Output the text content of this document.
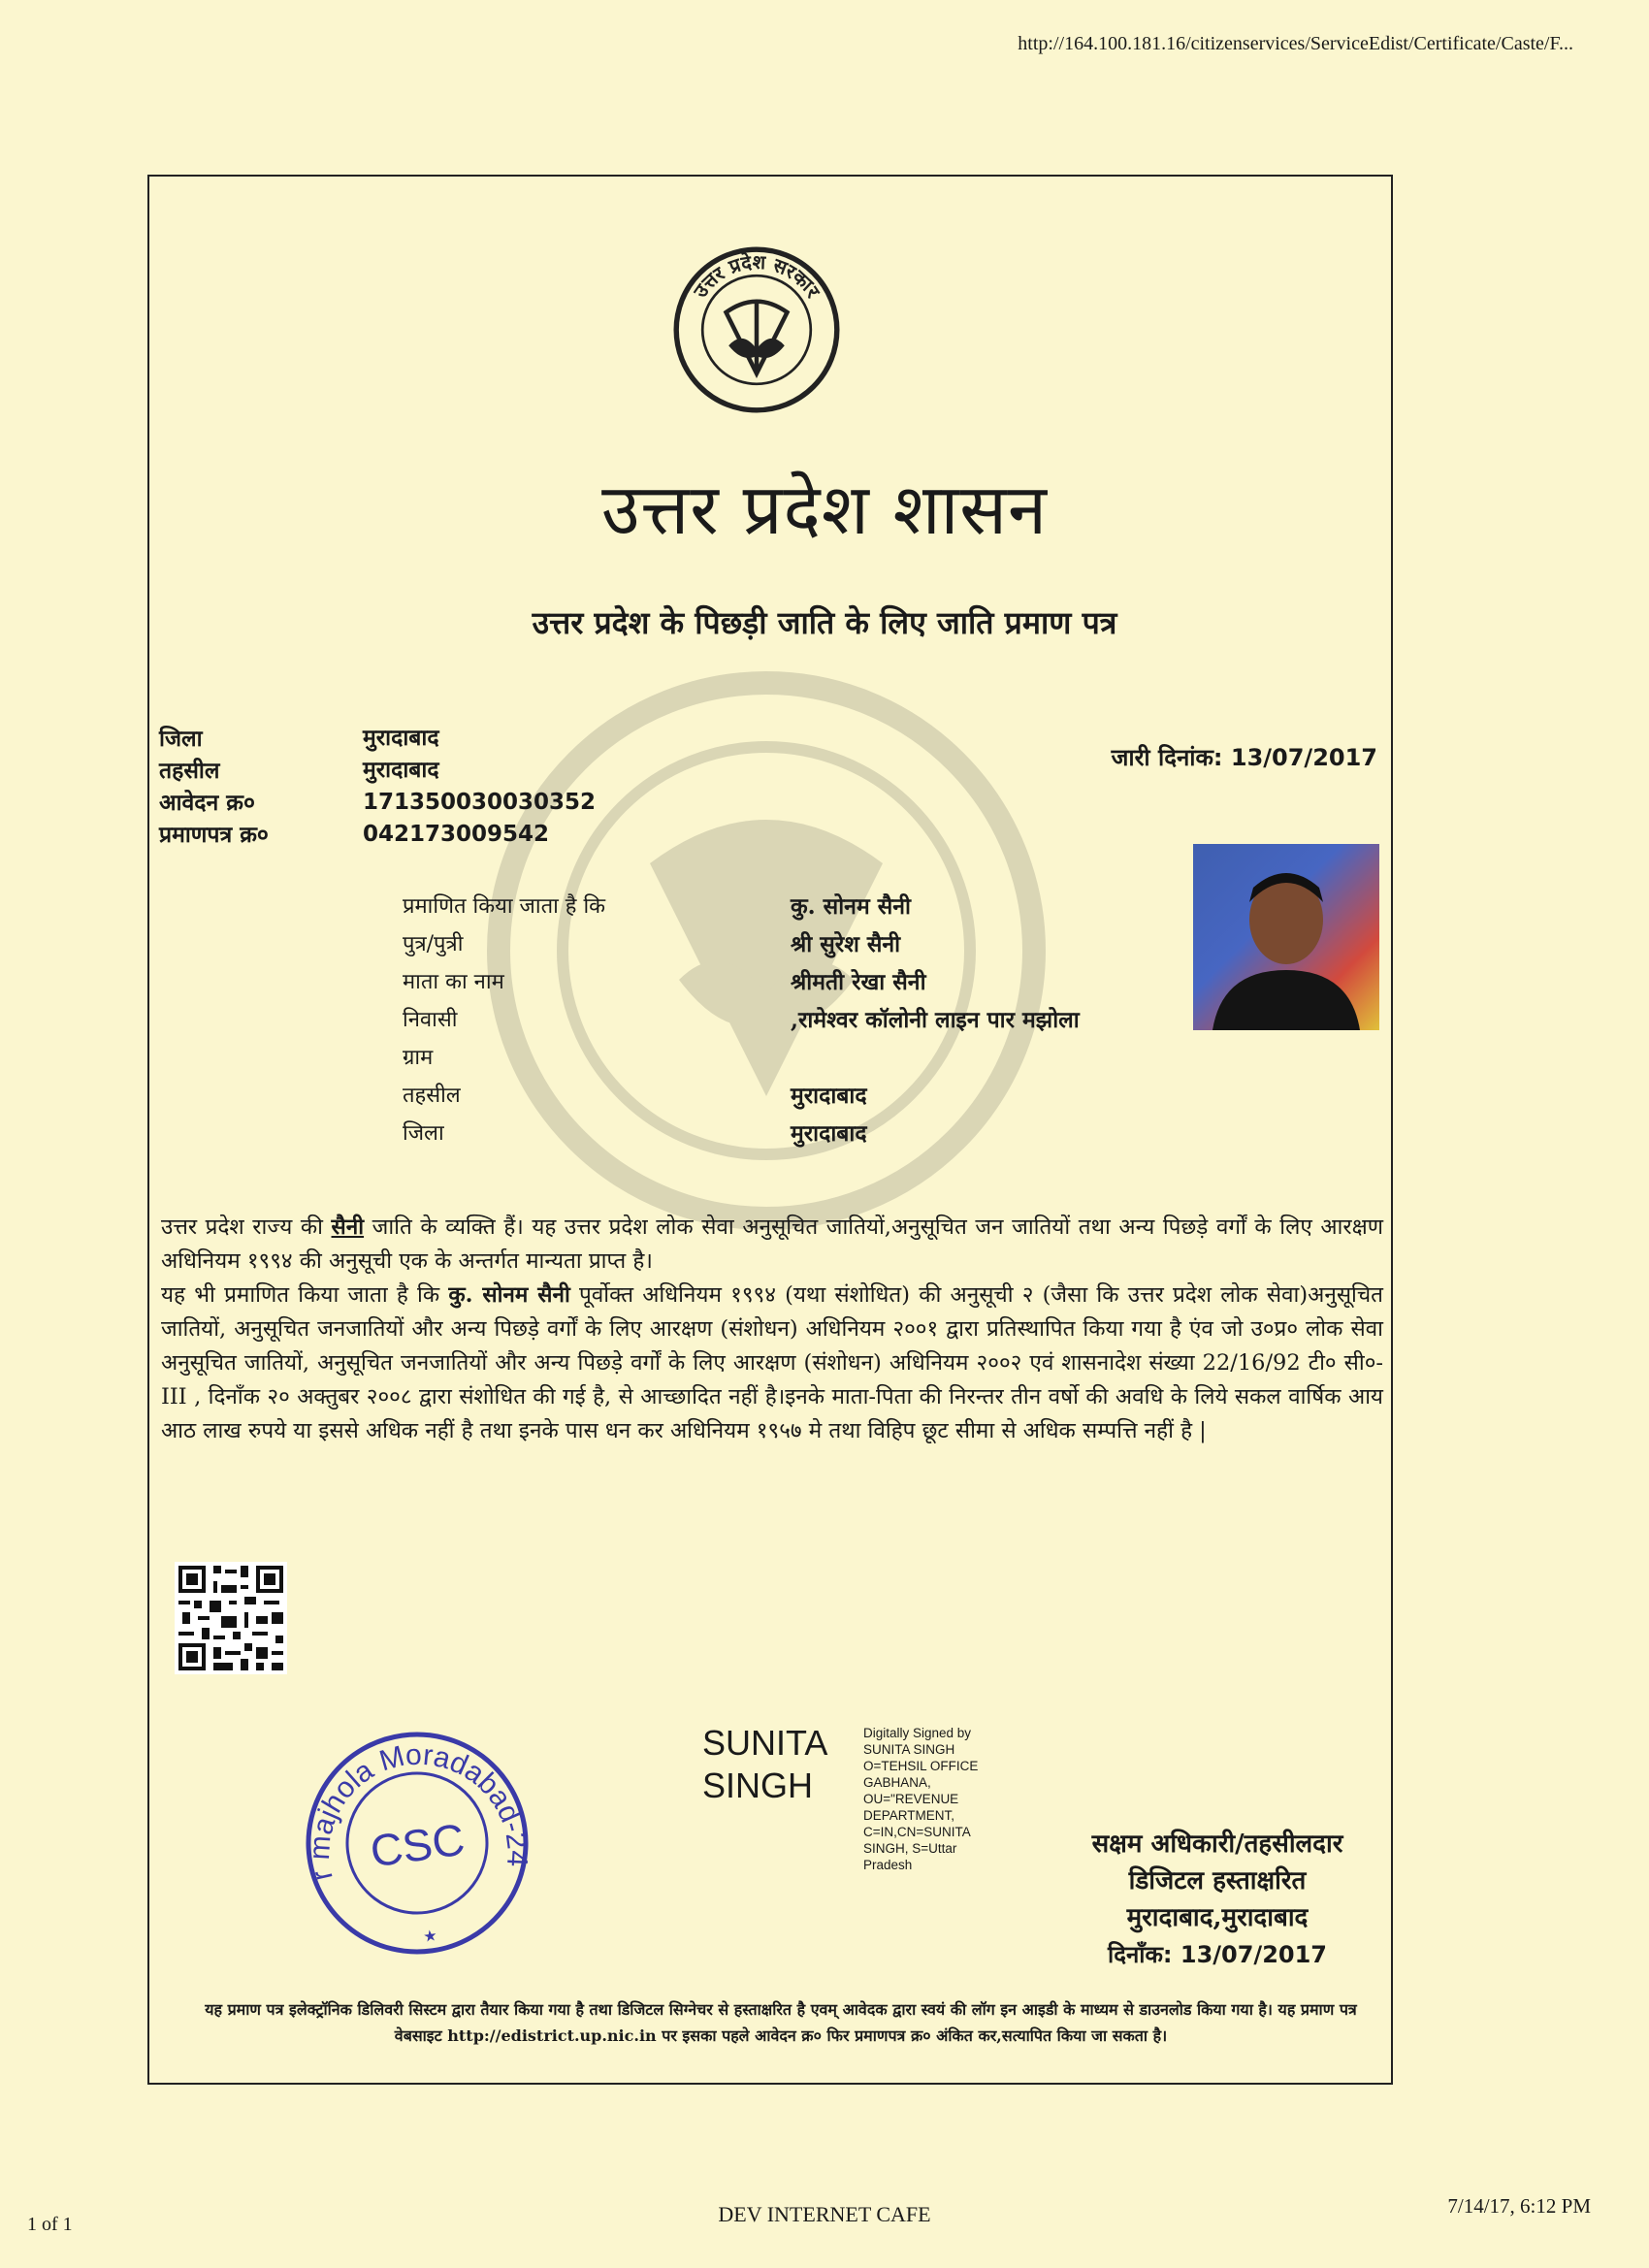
http://164.100.181.16/citizenservices/ServiceEdist/Certificate/Caste/F...
उत्तर प्रदेश सरकार
उत्तर प्रदेश शासन
उत्तर प्रदेश के पिछड़ी जाति के लिए जाति प्रमाण पत्र
जिला	मुरादाबाद
तहसील	मुरादाबाद
आवेदन क्र०	171350030030352
प्रमाणपत्र क्र०	042173009542
जारी दिनांक: 13/07/2017
प्रमाणित किया जाता है कि	कु. सोनम सैनी
पुत्र/पुत्री	श्री सुरेश सैनी
माता का नाम	श्रीमती रेखा सैनी
निवासी	,रामेश्वर कॉलोनी लाइन पार मझोला
ग्राम
तहसील	मुरादाबाद
जिला	मुरादाबाद
उत्तर प्रदेश राज्य की सैनी जाति के व्यक्ति हैं। यह उत्तर प्रदेश लोक सेवा अनुसूचित जातियों,अनुसूचित जन जातियों तथा अन्य पिछड़े वर्गों के लिए आरक्षण अधिनियम १९९४ की अनुसूची एक के अन्तर्गत मान्यता प्राप्त है।
यह भी प्रमाणित किया जाता है कि कु. सोनम सैनी पूर्वोक्त अधिनियम १९९४ (यथा संशोधित) की अनुसूची २ (जैसा कि उत्तर प्रदेश लोक सेवा)अनुसूचित जातियों, अनुसूचित जनजातियों और अन्य पिछड़े वर्गों के लिए आरक्षण (संशोधन) अधिनियम २००१ द्वारा प्रतिस्थापित किया गया है एंव जो उ०प्र० लोक सेवा अनुसूचित जातियों, अनुसूचित जनजातियों और अन्य पिछड़े वर्गों के लिए आरक्षण (संशोधन) अधिनियम २००२ एवं शासनादेश संख्या 22/16/92 टी० सी०-III , दिनाँक २० अक्तुबर २००८ द्वारा संशोधित की गई है, से आच्छादित नहीं है।इनके माता-पिता की निरन्तर तीन वर्षो की अवधि के लिये सकल वार्षिक आय आठ लाख रुपये या इससे अधिक नहीं है तथा इनके पास धन कर अधिनियम १९५७ मे तथा विहिप छूट सीमा से अधिक सम्पत्ति नहीं है |
linepar majhola Moradabad-244001
CSC
★
SUNITA
SINGH
Digitally Signed by SUNITA SINGH O=TEHSIL OFFICE GABHANA, OU="REVENUE DEPARTMENT, C=IN,CN=SUNITA SINGH, S=Uttar Pradesh
सक्षम अधिकारी/तहसीलदार
डिजिटल हस्ताक्षरित
मुरादाबाद,मुरादाबाद
दिनाँक: 13/07/2017
यह प्रमाण पत्र इलेक्ट्रॉनिक डिलिवरी सिस्टम द्वारा तैयार किया गया है तथा डिजिटल सिग्नेचर से हस्ताक्षरित है एवम् आवेदक द्वारा स्वयं की लॉग इन आइडी के माध्यम से डाउनलोड किया गया है। यह प्रमाण पत्र वेबसाइट http://edistrict.up.nic.in पर इसका पहले आवेदन क्र० फिर प्रमाणपत्र क्र० अंकित कर,सत्यापित किया जा सकता है।
1 of 1	DEV INTERNET CAFE	7/14/17, 6:12 PM
